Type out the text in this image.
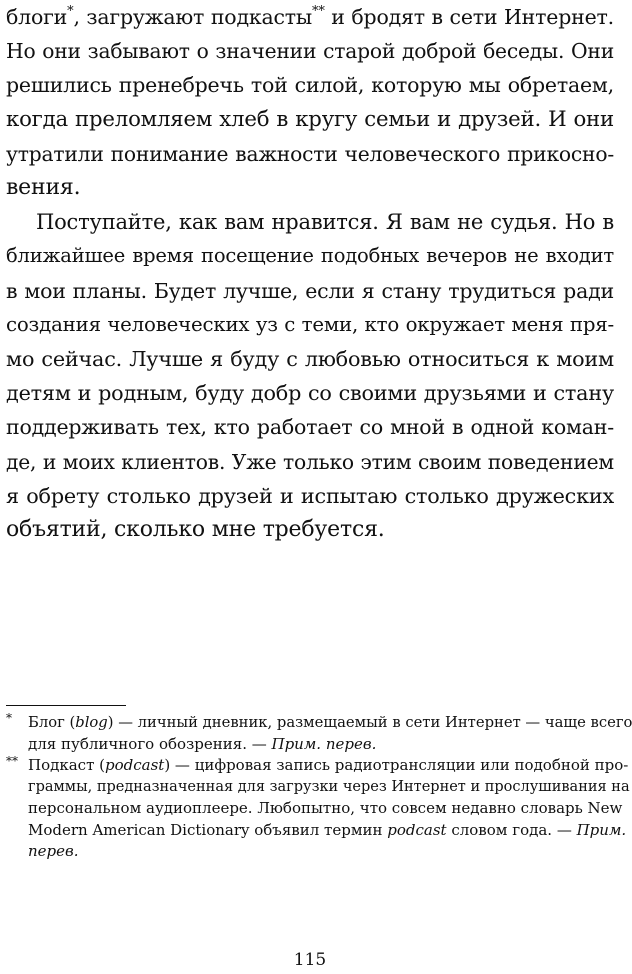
блоги*, загружают подкасты** и бродят в сети Интернет.
Но они забывают о значении старой доброй беседы. Они
решились пренебречь той силой, которую мы обретаем,
когда преломляем хлеб в кругу семьи и друзей. И они
утратили понимание важности человеческого прикосно-
вения.

Поступайте, как вам нравится. Я вам не судья. Но в
ближайшее время посещение подобных вечеров не входит
в мои планы. Будет лучше, если я стану трудиться ради
создания человеческих уз с теми, кто окружает меня пря-
мо сейчас. Лучше я буду с любовью относиться к моим
детям и родным, буду добр со своими друзьями и стану
поддерживать тех, кто работает со мной в одной коман-
де, и моих клиентов. Уже только этим своим поведением
я обрету столько друзей и испытаю столько дружеских
объятий, сколько мне требуется.

* Блог (blog) — личный дневник, размещаемый в сети Интернет — чаще всего
для публичного обозрения. — Прим. перев.
** Подкаст (podcast) — цифровая запись радиотрансляции или подобной про-
граммы, предназначенная для загрузки через Интернет и прослушивания на
персональном аудиоплеере. Любопытно, что совсем недавно словарь New
Modern American Dictionary объявил термин podcast словом года. — Прим.
перев.
115
